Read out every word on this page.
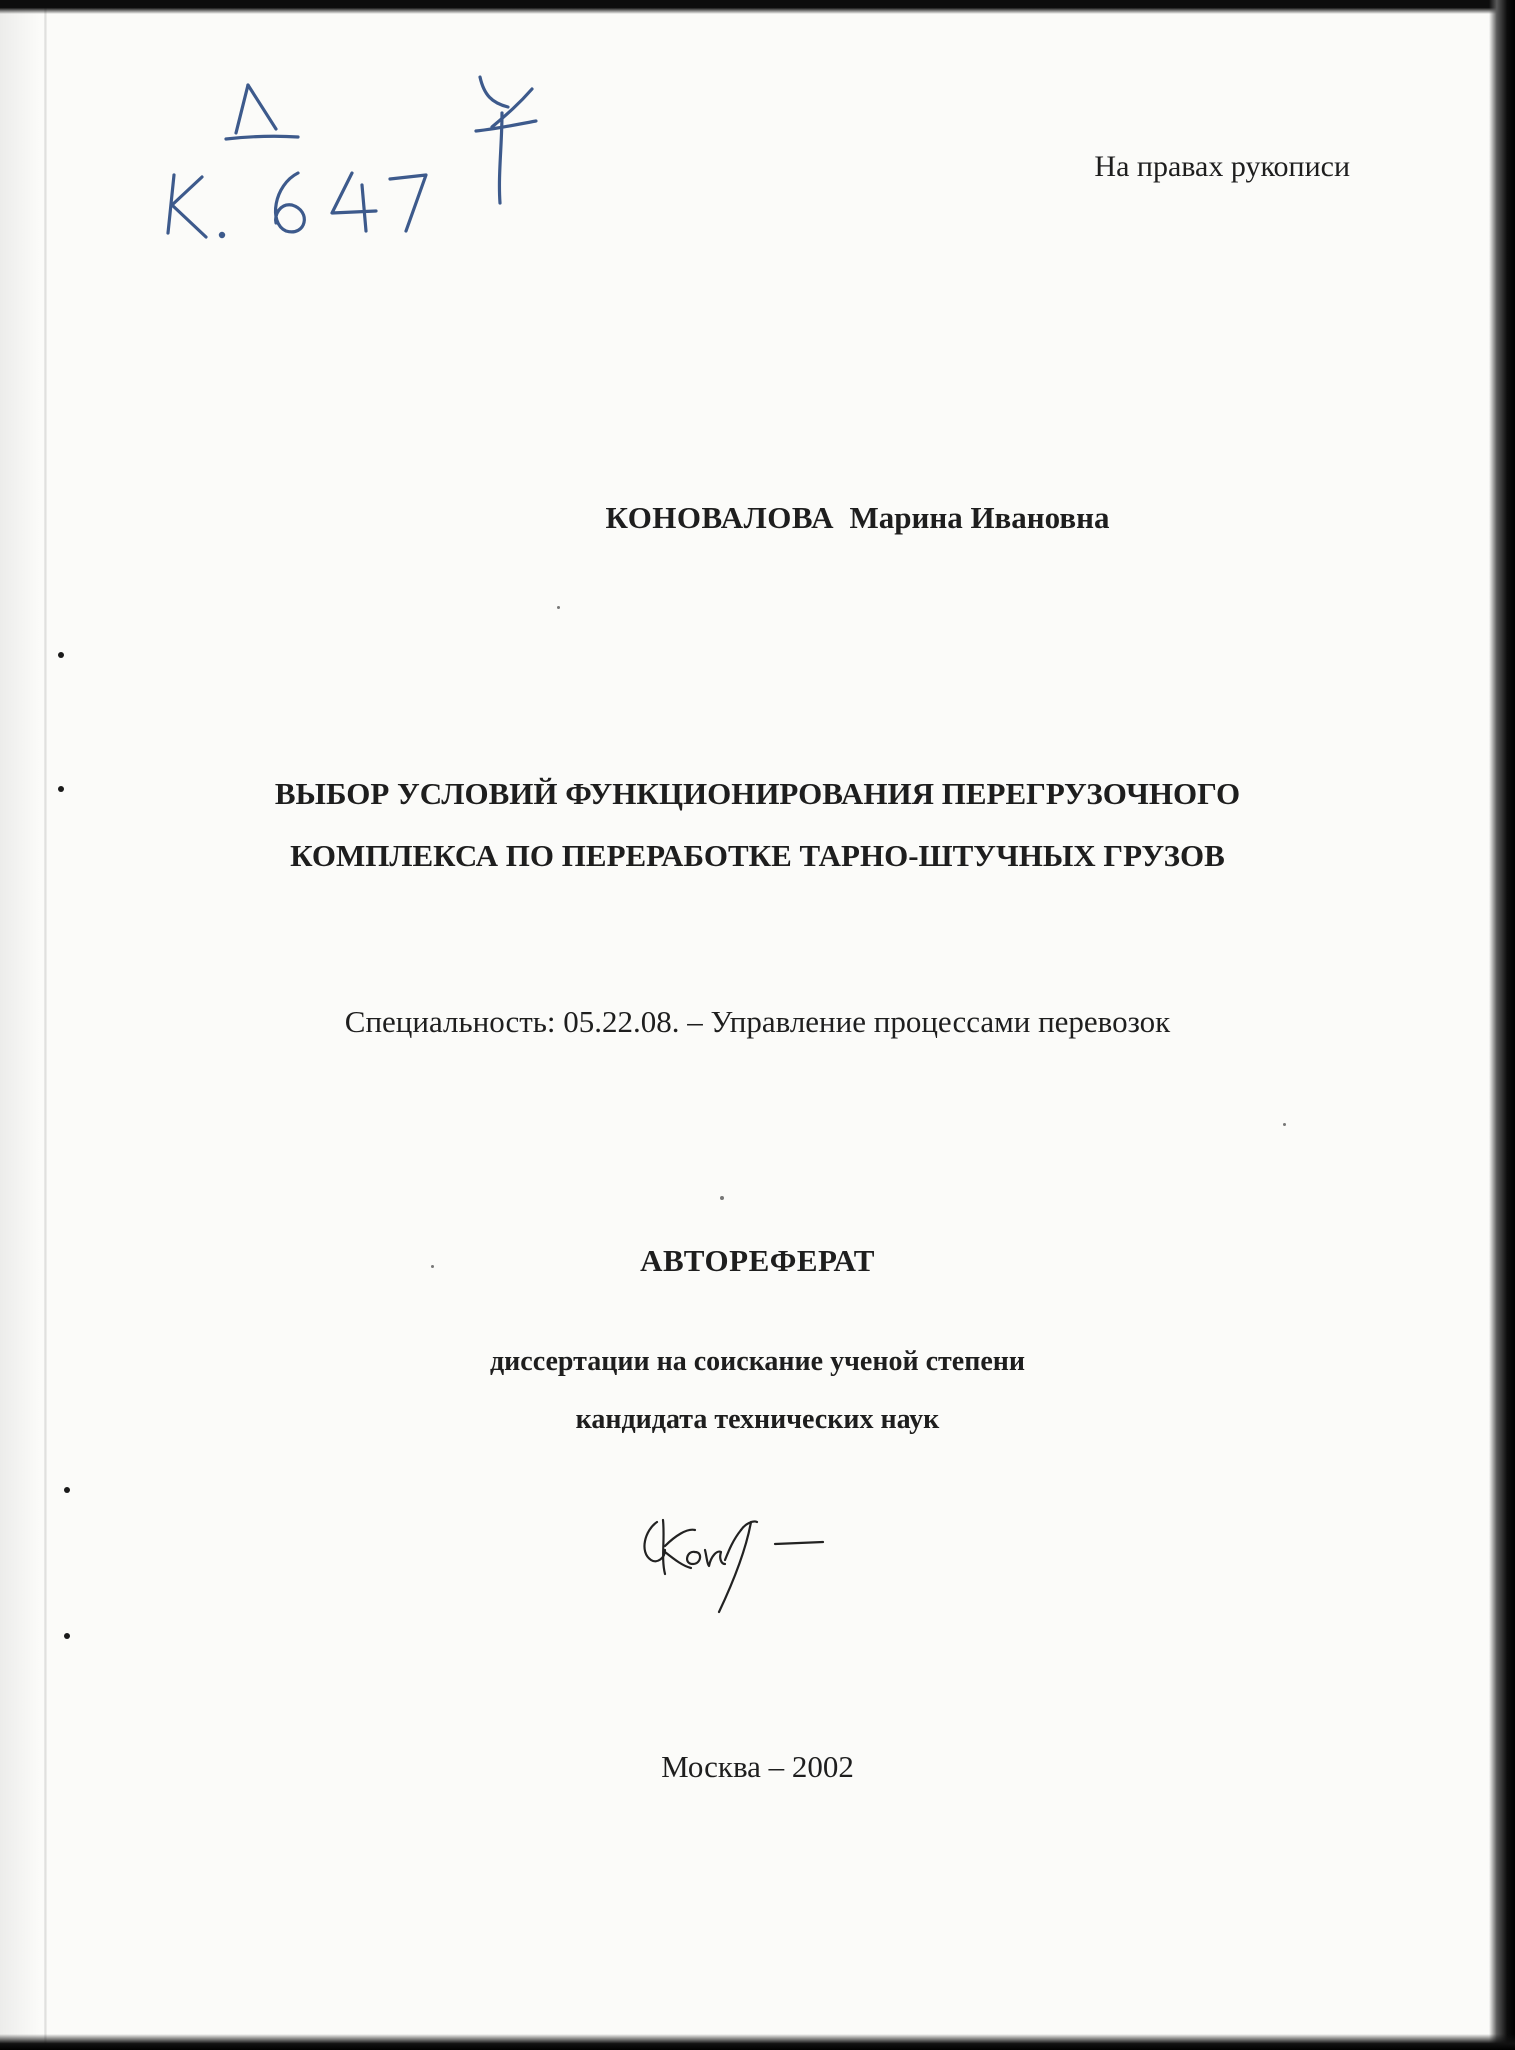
На правах рукописи
КОНОВАЛОВА Марина Ивановна
ВЫБОР УСЛОВИЙ ФУНКЦИОНИРОВАНИЯ ПЕРЕГРУЗОЧНОГО
КОМПЛЕКСА ПО ПЕРЕРАБОТКЕ ТАРНО-ШТУЧНЫХ ГРУЗОВ
Специальность: 05.22.08. – Управление процессами перевозок
АВТОРЕФЕРАТ
диссертации на соискание ученой степени
кандидата технических наук
Москва – 2002
